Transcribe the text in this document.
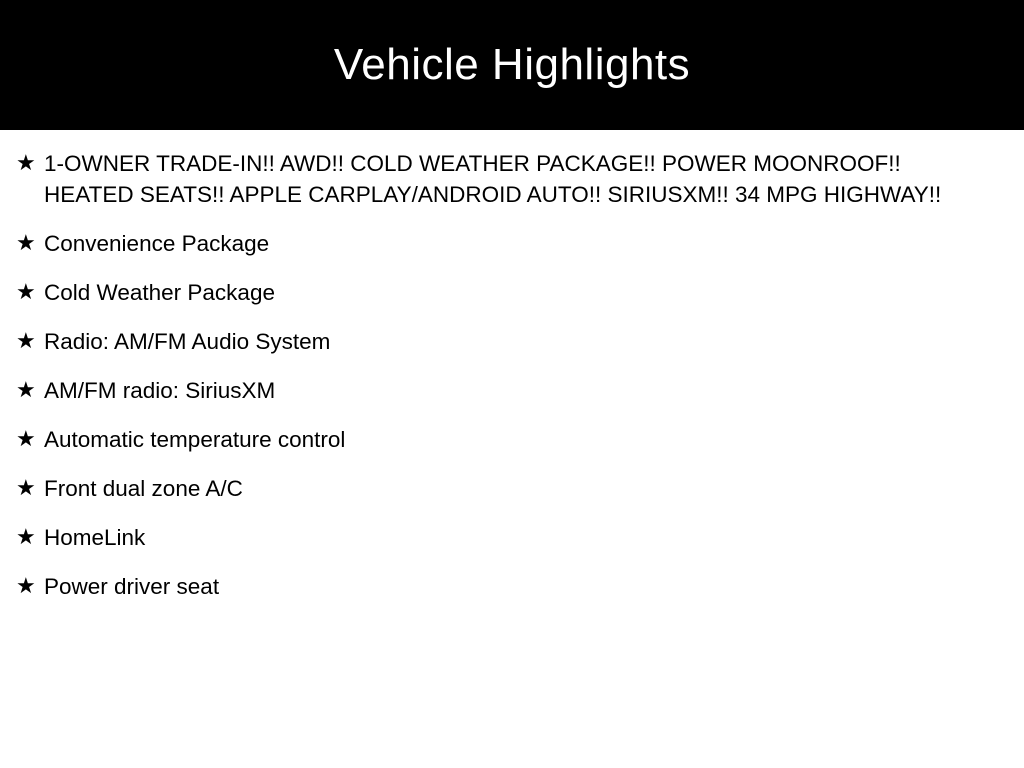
Vehicle Highlights
★ 1-OWNER TRADE-IN!! AWD!! COLD WEATHER PACKAGE!! POWER MOONROOF!! HEATED SEATS!! APPLE CARPLAY/ANDROID AUTO!! SIRIUSXM!! 34 MPG HIGHWAY!!
★ Convenience Package
★ Cold Weather Package
★ Radio: AM/FM Audio System
★ AM/FM radio: SiriusXM
★ Automatic temperature control
★ Front dual zone A/C
★ HomeLink
★ Power driver seat
